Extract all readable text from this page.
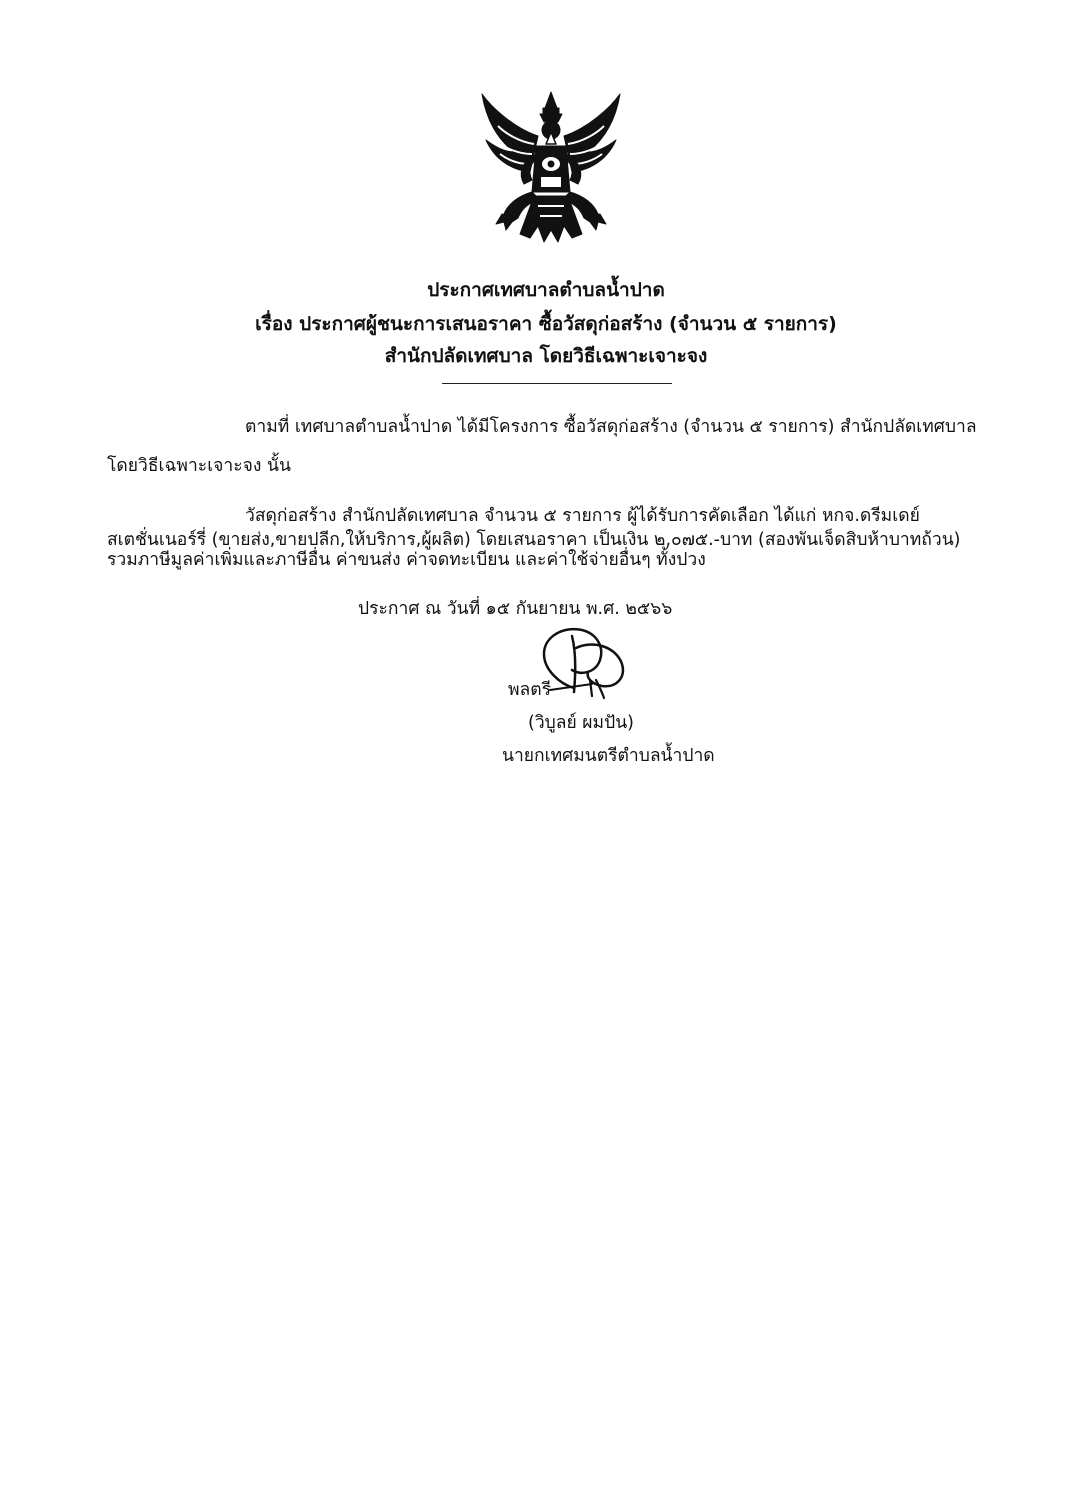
ประกาศเทศบาลตำบลน้ำปาด
เรื่อง ประกาศผู้ชนะการเสนอราคา ซื้อวัสดุก่อสร้าง (จำนวน ๕ รายการ)
สำนักปลัดเทศบาล โดยวิธีเฉพาะเจาะจง
ตามที่ เทศบาลตำบลน้ำปาด ได้มีโครงการ ซื้อวัสดุก่อสร้าง (จำนวน ๕ รายการ) สำนักปลัดเทศบาล
โดยวิธีเฉพาะเจาะจง นั้น
วัสดุก่อสร้าง สำนักปลัดเทศบาล จำนวน ๕ รายการ ผู้ได้รับการคัดเลือก ได้แก่ หกจ.ดรีมเดย์
สเตชั่นเนอร์รี่ (ขายส่ง,ขายปลีก,ให้บริการ,ผู้ผลิต) โดยเสนอราคา เป็นเงิน ๒,๐๗๕.-บาท (สองพันเจ็ดสิบห้าบาทถ้วน)
รวมภาษีมูลค่าเพิ่มและภาษีอื่น ค่าขนส่ง ค่าจดทะเบียน และค่าใช้จ่ายอื่นๆ ทั้งปวง
ประกาศ ณ วันที่ ๑๕ กันยายน พ.ศ. ๒๕๖๖
พลตรี
(วิบูลย์ ผมปัน)
นายกเทศมนตรีตำบลน้ำปาด
